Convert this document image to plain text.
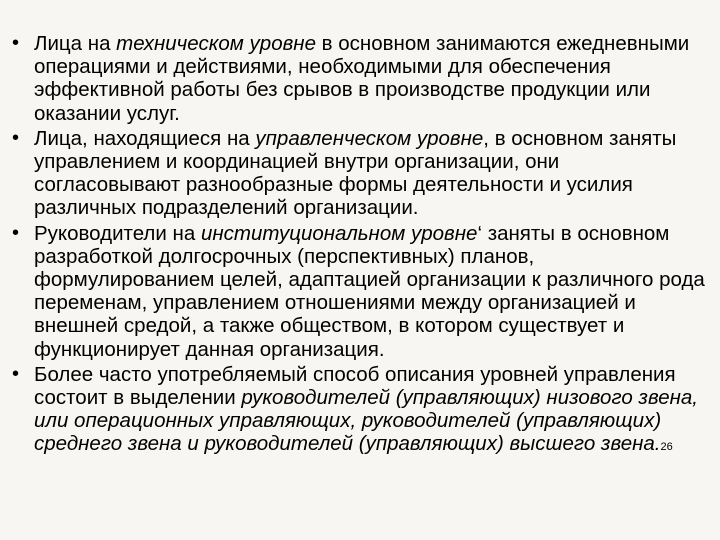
• Лица на техническом уровне в основном занимаются ежедневными операциями и действиями, необходимыми для обеспечения эффективной работы без срывов в производстве продукции или оказании услуг.
• Лица, находящиеся на управленческом уровне, в основном заняты управлением и координацией внутри организации, они согласовывают разнообразные формы деятельности и усилия различных подразделений организации.
• Руководители на институциональном уровне‘ заняты в основном разработкой долгосрочных (перспективных) планов, формулированием целей, адаптацией организации к различного рода переменам, управлением отношениями между организацией и внешней средой, а также обществом, в котором существует и функционирует данная организация.
• Более часто употребляемый способ описания уровней управления состоит в выделении руководителей (управляющих) низового звена, или операционных управляющих, руководителей (управляющих) среднего звена и руководителей (управляющих) высшего звена.26
